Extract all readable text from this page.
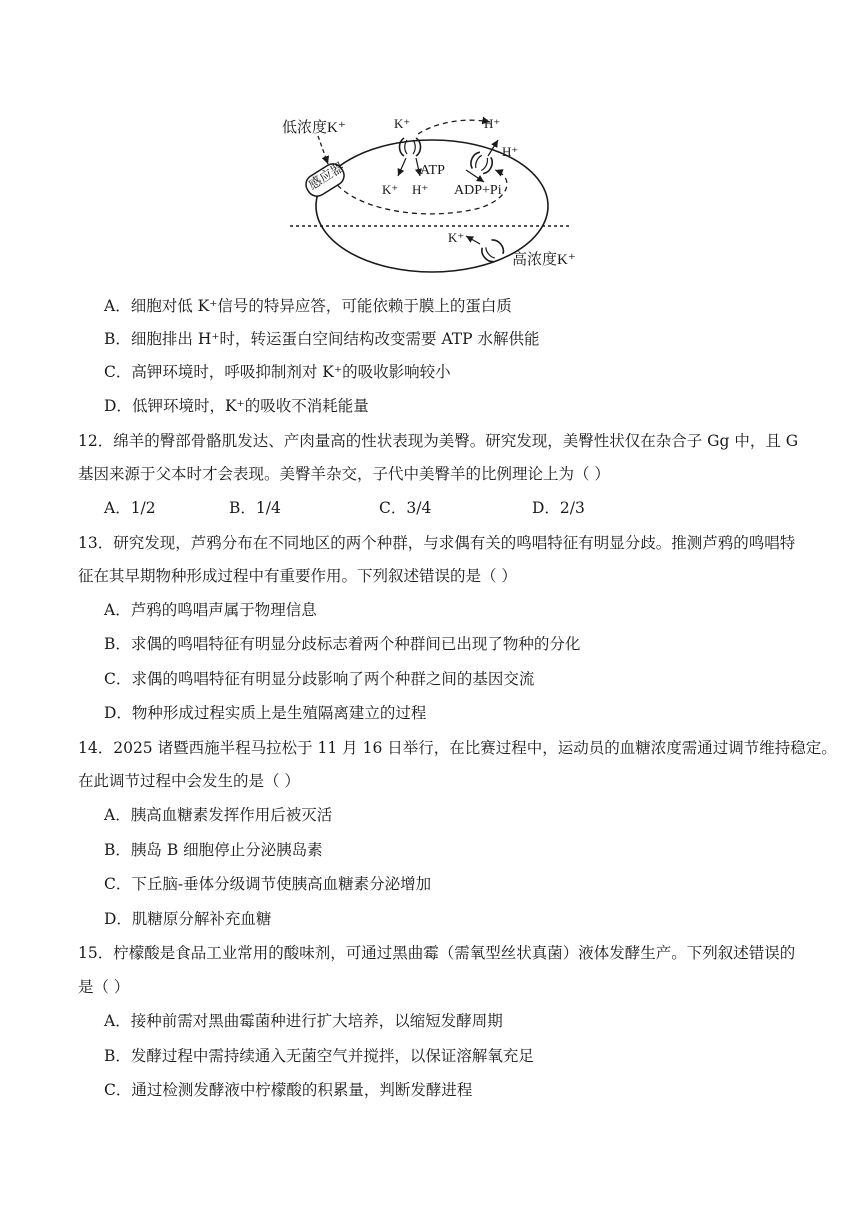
感应器
低浓度K⁺	K⁺	H⁺
H⁺
ATP
K⁺ H⁺ ADP+Pi
K⁺
高浓度K⁺
A．细胞对低 K⁺信号的特异应答，可能依赖于膜上的蛋白质
B．细胞排出 H⁺时，转运蛋白空间结构改变需要 ATP 水解供能
C．高钾环境时，呼吸抑制剂对 K⁺的吸收影响较小
D．低钾环境时，K⁺的吸收不消耗能量
12．绵羊的臀部骨骼肌发达、产肉量高的性状表现为美臀。研究发现，美臀性状仅在杂合子 Gg 中，且 G
基因来源于父本时才会表现。美臀羊杂交，子代中美臀羊的比例理论上为（ ）
A．1/2	B．1/4	C．3/4	D．2/3
13．研究发现，芦鸦分布在不同地区的两个种群，与求偶有关的鸣唱特征有明显分歧。推测芦鸦的鸣唱特
征在其早期物种形成过程中有重要作用。下列叙述错误的是（ ）
A．芦鸦的鸣唱声属于物理信息
B．求偶的鸣唱特征有明显分歧标志着两个种群间已出现了物种的分化
C．求偶的鸣唱特征有明显分歧影响了两个种群之间的基因交流
D．物种形成过程实质上是生殖隔离建立的过程
14．2025 诸暨西施半程马拉松于 11 月 16 日举行，在比赛过程中，运动员的血糖浓度需通过调节维持稳定。
在此调节过程中会发生的是（ ）
A．胰高血糖素发挥作用后被灭活
B．胰岛 B 细胞停止分泌胰岛素
C．下丘脑-垂体分级调节使胰高血糖素分泌增加
D．肌糖原分解补充血糖
15．柠檬酸是食品工业常用的酸味剂，可通过黑曲霉（需氧型丝状真菌）液体发酵生产。下列叙述错误的
是（ ）
A．接种前需对黑曲霉菌种进行扩大培养，以缩短发酵周期
B．发酵过程中需持续通入无菌空气并搅拌，以保证溶解氧充足
C．通过检测发酵液中柠檬酸的积累量，判断发酵进程
